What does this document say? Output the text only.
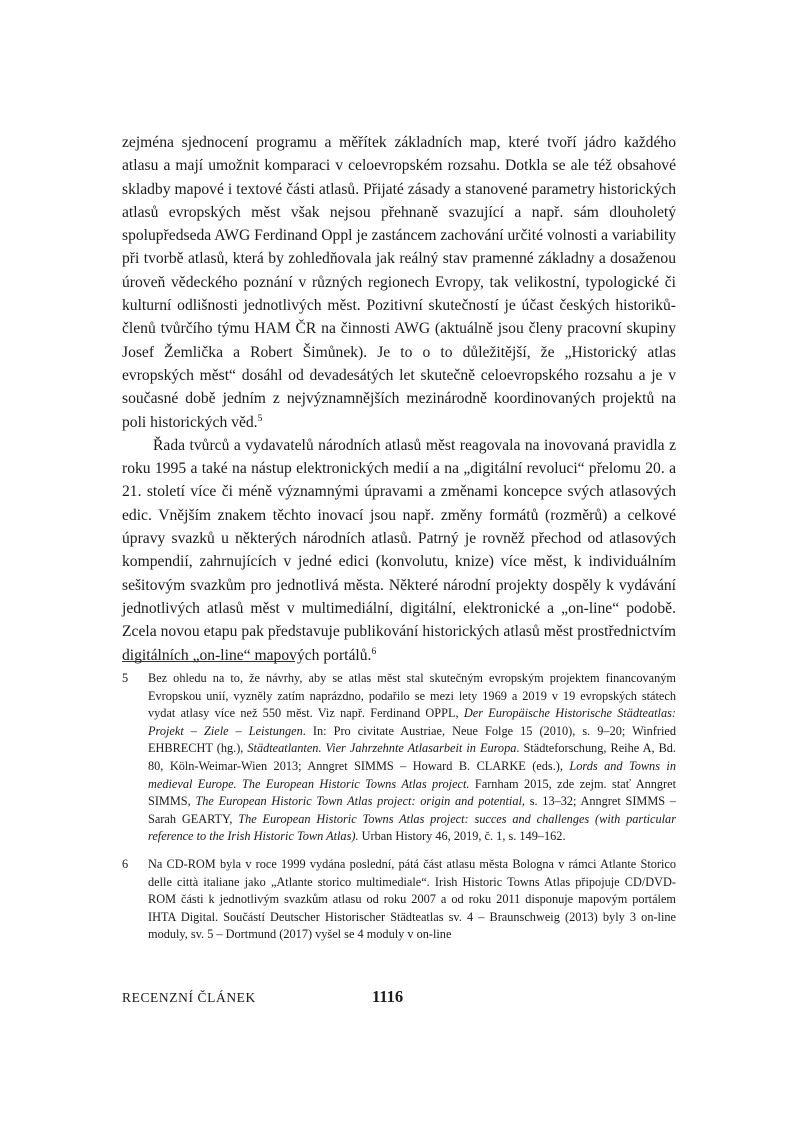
zejména sjednocení programu a měřítek základních map, které tvoří jádro každého atlasu a mají umožnit komparaci v celoevropském rozsahu. Dotkla se ale též obsahové skladby mapové i textové části atlasů. Přijaté zásady a stanovené parametry historických atlasů evropských měst však nejsou přehnaně svazující a např. sám dlouholetý spolupředseda AWG Ferdinand Oppl je zastáncem zachování určité volnosti a variability při tvorbě atlasů, která by zohledňovala jak reálný stav pramenné základny a dosaženou úroveň vědeckého poznání v různých regionech Evropy, tak velikostní, typologické či kulturní odlišnosti jednotlivých měst. Pozitivní skutečností je účast českých historiků-členů tvůrčího týmu HAM ČR na činnosti AWG (aktuálně jsou členy pracovní skupiny Josef Žemlička a Robert Šimůnek). Je to o to důležitější, že „Historický atlas evropských měst“ dosáhl od devadesátých let skutečně celoevropského rozsahu a je v současné době jedním z nejvýznamnějších mezinárodně koordinovaných projektů na poli historických věd.$^5$

Řada tvůrců a vydavatelů národních atlasů měst reagovala na inovovaná pravidla z roku 1995 a také na nástup elektronických medií a na „digitální revoluci“ přelomu 20. a 21. století více či méně významnými úpravami a změnami koncepce svých atlasových edic. Vnějším znakem těchto inovací jsou např. změny formátů (rozměrů) a celkové úpravy svazků u některých národních atlasů. Patrný je rovněž přechod od atlasových kompendií, zahrnujících v jedné edici (konvolutu, knize) více měst, k individuálním sešitovým svazkům pro jednotlivá města. Některé národní projekty dospěly k vydávání jednotlivých atlasů měst v multimediální, digitální, elektronické a „on-line“ podobě. Zcela novou etapu pak představuje publikování historických atlasů měst prostřednictvím digitálních „on-line“ mapových portálů.$^6$

5	Bez ohledu na to, že návrhy, aby se atlas měst stal skutečným evropským projektem financovaným Evropskou unií, vyzněly zatím naprázdno, podařilo se mezi lety 1969 a 2019 v 19 evropských státech vydat atlasy více než 550 měst. Viz např. Ferdinand OPPL, Der Europäische Historische Städteatlas: Projekt – Ziele – Leistungen. In: Pro civitate Austriae, Neue Folge 15 (2010), s. 9–20; Winfried EHBRECHT (hg.), Städteatlanten. Vier Jahrzehnte Atlasarbeit in Europa. Städteforschung, Reihe A, Bd. 80, Köln-Weimar-Wien 2013; Anngret SIMMS – Howard B. CLARKE (eds.), Lords and Towns in medieval Europe. The European Historic Towns Atlas project. Farnham 2015, zde zejm. stať Anngret SIMMS, The European Historic Town Atlas project: origin and potential, s. 13–32; Anngret SIMMS – Sarah GEARTY, The European Historic Towns Atlas project: succes and challenges (with particular reference to the Irish Historic Town Atlas). Urban History 46, 2019, č. 1, s. 149–162.
6	Na CD-ROM byla v roce 1999 vydána poslední, pátá část atlasu města Bologna v rámci Atlante Storico delle città italiane jako „Atlante storico multimediale“. Irish Historic Towns Atlas připojuje CD/DVD-ROM části k jednotlivým svazkům atlasu od roku 2007 a od roku 2011 disponuje mapovým portálem IHTA Digital. Součástí Deutscher Historischer Städteatlas sv. 4 – Braunschweig (2013) byly 3 on-line moduly, sv. 5 – Dortmund (2017) vyšel se 4 moduly v on-line
RECENZNÍ ČLÁNEK	1116
